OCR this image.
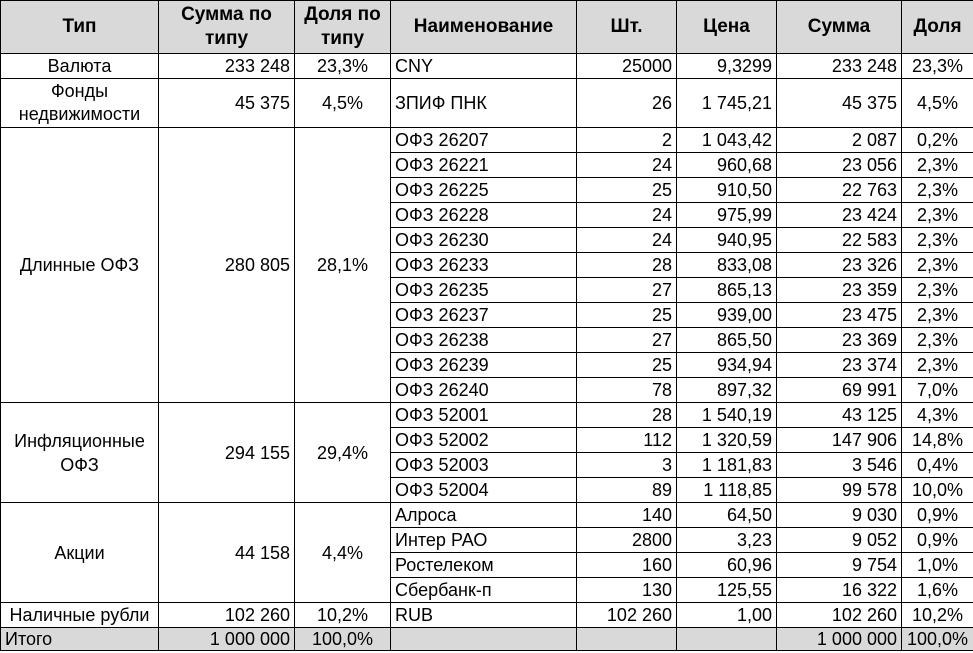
Тип	Сумма по типу	Доля по типу	Наименование	Шт.	Цена	Сумма	Доля
Валюта	233 248	23,3%	CNY	25000	9,3299	233 248	23,3%
Фонды недвижимости	45 375	4,5%	ЗПИФ ПНК	26	1 745,21	45 375	4,5%
Длинные ОФЗ	280 805	28,1%	ОФЗ 26207	2	1 043,42	2 087	0,2%
			ОФЗ 26221	24	960,68	23 056	2,3%
			ОФЗ 26225	25	910,50	22 763	2,3%
			ОФЗ 26228	24	975,99	23 424	2,3%
			ОФЗ 26230	24	940,95	22 583	2,3%
			ОФЗ 26233	28	833,08	23 326	2,3%
			ОФЗ 26235	27	865,13	23 359	2,3%
			ОФЗ 26237	25	939,00	23 475	2,3%
			ОФЗ 26238	27	865,50	23 369	2,3%
			ОФЗ 26239	25	934,94	23 374	2,3%
			ОФЗ 26240	78	897,32	69 991	7,0%
Инфляционные ОФЗ	294 155	29,4%	ОФЗ 52001	28	1 540,19	43 125	4,3%
			ОФЗ 52002	112	1 320,59	147 906	14,8%
			ОФЗ 52003	3	1 181,83	3 546	0,4%
			ОФЗ 52004	89	1 118,85	99 578	10,0%
Акции	44 158	4,4%	Алроса	140	64,50	9 030	0,9%
			Интер РАО	2800	3,23	9 052	0,9%
			Ростелеком	160	60,96	9 754	1,0%
			Сбербанк-п	130	125,55	16 322	1,6%
Наличные рубли	102 260	10,2%	RUB	102 260	1,00	102 260	10,2%
Итого	1 000 000	100,0%				1 000 000	100,0%
